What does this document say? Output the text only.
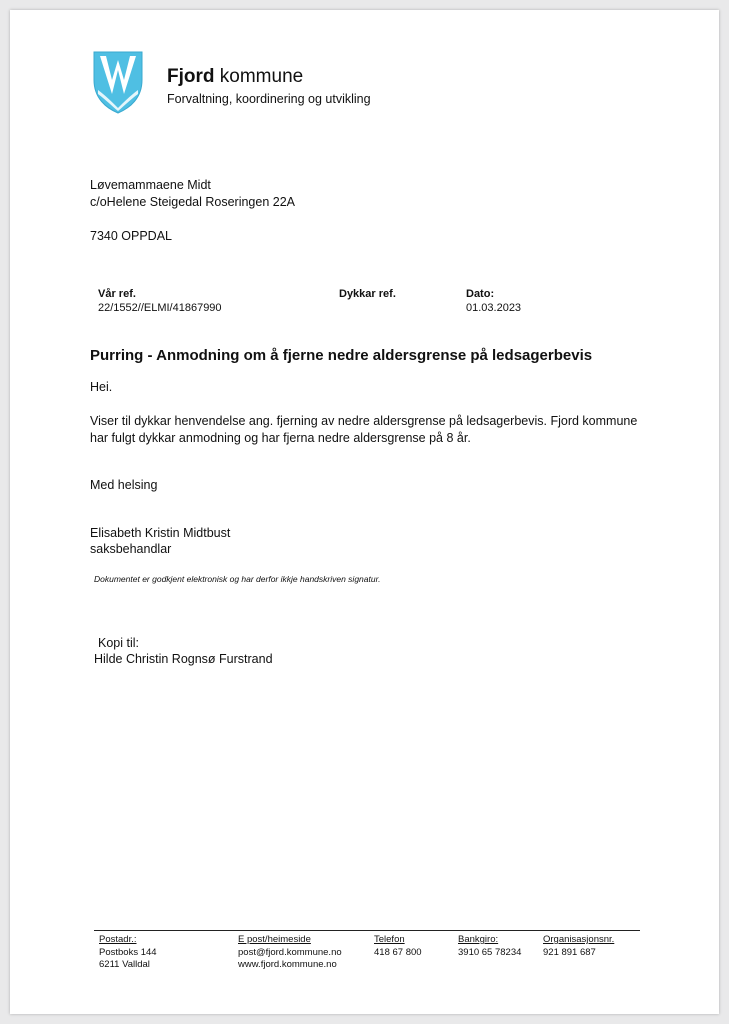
Fjord kommune
Forvaltning, koordinering og utvikling
Løvemammaene Midt
c/oHelene Steigedal Roseringen 22A
7340 OPPDAL
Vår ref.
22/1552//ELMI/41867990
Dykkar ref.	Dato:
01.03.2023
Purring - Anmodning om å fjerne nedre aldersgrense på ledsagerbevis
Hei.
Viser til dykkar henvendelse ang. fjerning av nedre aldersgrense på ledsagerbevis. Fjord kommune
har fulgt dykkar anmodning og har fjerna nedre aldersgrense på 8 år.
Med helsing
Elisabeth Kristin Midtbust
saksbehandlar
Dokumentet er godkjent elektronisk og har derfor ikkje handskriven signatur.
Kopi til:
Hilde Christin Rognsø Furstrand
Postadr.:
Postboks 144
6211 Valldal
E post/heimeside
post@fjord.kommune.no
www.fjord.kommune.no
Telefon
418 67 800
Bankgiro:
3910 65 78234
Organisasjonsnr.
921 891 687
